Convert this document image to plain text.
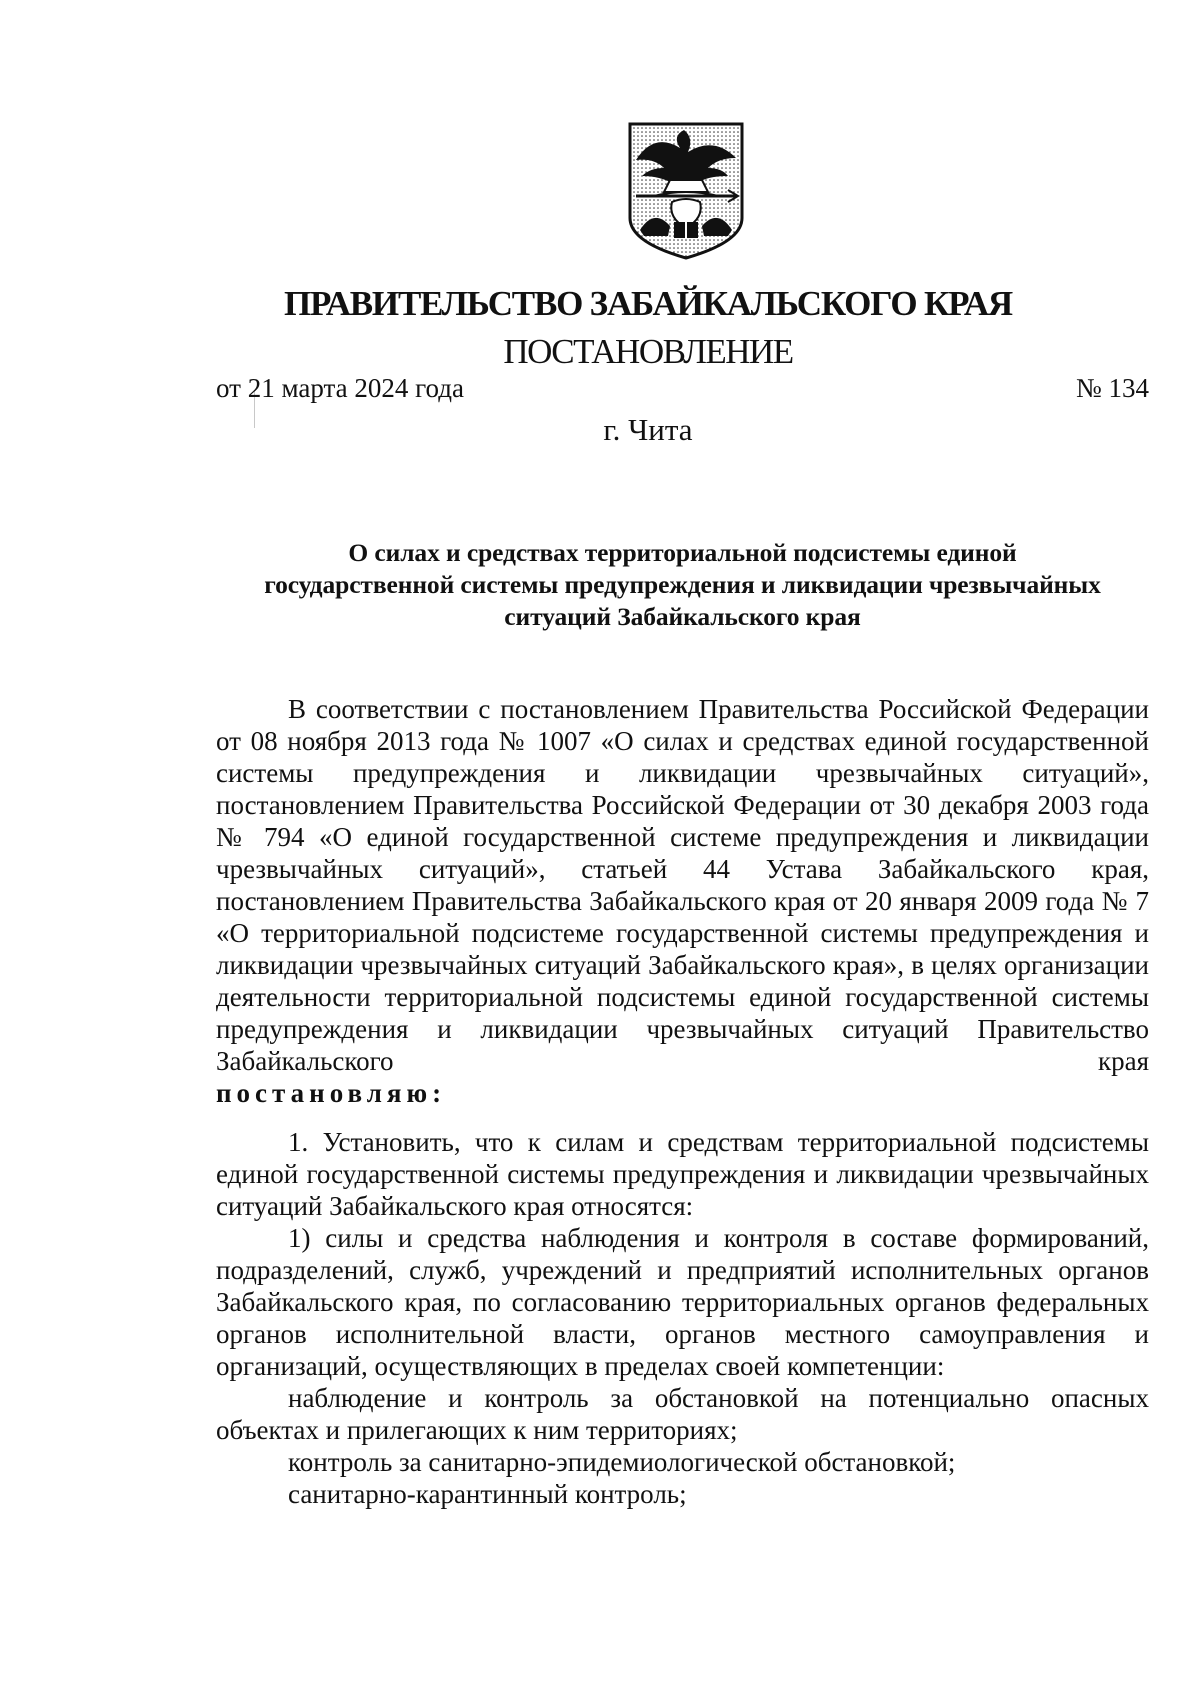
ПРАВИТЕЛЬСТВО ЗАБАЙКАЛЬСКОГО КРАЯ
ПОСТАНОВЛЕНИЕ
от 21 марта 2024 года	№ 134
г. Чита
О силах и средствах территориальной подсистемы единой
государственной системы предупреждения и ликвидации чрезвычайных
ситуаций Забайкальского края

В соответствии с постановлением Правительства Российской Федерации от 08 ноября 2013 года № 1007 «О силах и средствах единой государственной системы предупреждения и ликвидации чрезвычайных ситуаций», постановлением Правительства Российской Федерации от 30 декабря 2003 года № 794 «О единой государственной системе предупреждения и ликвидации чрезвычайных ситуаций», статьей 44 Устава Забайкальского края, постановлением Правительства Забайкальского края от 20 января 2009 года № 7 «О территориальной подсистеме государственной системы предупреждения и ликвидации чрезвычайных ситуаций Забайкальского края», в целях организации деятельности территориальной подсистемы единой государственной системы предупреждения и ликвидации чрезвычайных ситуаций Правительство Забайкальского края

постановляю:

1. Установить, что к силам и средствам территориальной подсистемы единой государственной системы предупреждения и ликвидации чрезвычайных ситуаций Забайкальского края относятся:

1) силы и средства наблюдения и контроля в составе формирований, подразделений, служб, учреждений и предприятий исполнительных органов Забайкальского края, по согласованию территориальных органов федеральных органов исполнительной власти, органов местного самоуправления и организаций, осуществляющих в пределах своей компетенции:

наблюдение и контроль за обстановкой на потенциально опасных объектах и прилегающих к ним территориях;

контроль за санитарно-эпидемиологической обстановкой;

санитарно-карантинный контроль;
